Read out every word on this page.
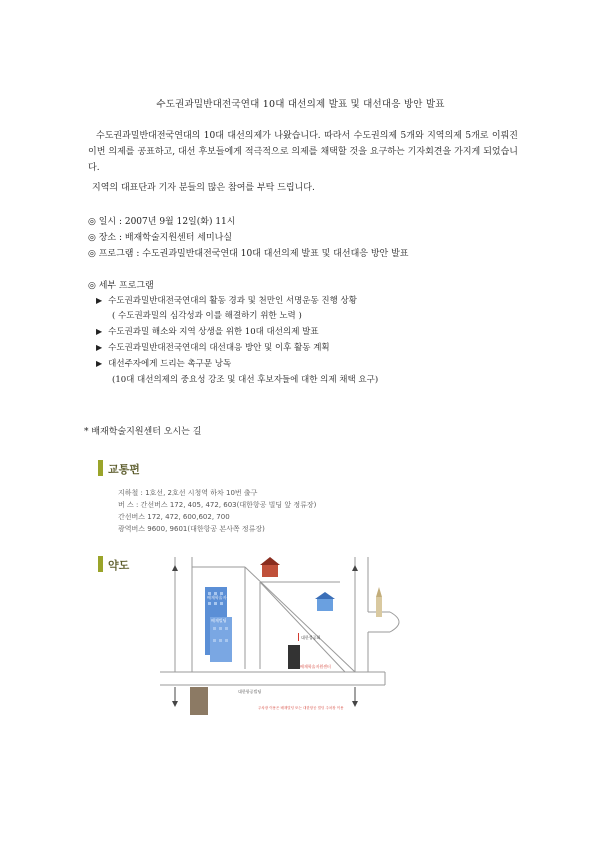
수도권과밀반대전국연대 10대 대선의제 발표 및 대선대응 방안 발표
수도권과밀반대전국연대의 10대 대선의제가 나왔습니다. 따라서 수도권의제 5개와 지역의제 5개로 이뤄진 이번 의제를 공표하고, 대선 후보들에게 적극적으로 의제를 채택할 것을 요구하는 기자회견을 가지게 되었습니다.
지역의 대표단과 기자 분들의 많은 참여를 부탁 드립니다.
◎ 일시 : 2007년 9월 12일(화) 11시
◎ 장소 : 배재학술지원센터 세미나실
◎ 프로그램 : 수도권과밀반대전국연대 10대 대선의제 발표 및 대선대응 방안 발표
◎ 세부 프로그램
▶ 수도권과밀반대전국연대의 활동 경과 및 천만인 서명운동 진행 상황
( 수도권과밀의 심각성과 이를 해결하기 위한 노력 )
▶ 수도권과밀 해소와 지역 상생을 위한 10대 대선의제 발표
▶ 수도권과밀반대전국연대의 대선대응 방안 및 이후 활동 계획
▶ 대선주자에게 드리는 촉구문 낭독
(10대 대선의제의 중요성 강조 및 대선 후보자들에 대한 의제 채택 요구)
* 배재학술지원센터 오시는 길
교통편
지하철 : 1호선, 2호선 시청역 하차 10번 출구
버 스 : 간선버스 172, 405, 472, 603(대한항공 빌딩 앞 정류장)
간선버스 172, 472, 600,602, 700
광역버스 9600, 9601(대한항공 본사쪽 정류장)
약도
배재학술지원센터
배재빌딩
대한성공회
대한항공빌딩
배재학술지원센터
주차장 이용은 배재빌딩 또는 대한항공 빌딩 주차장 이용
